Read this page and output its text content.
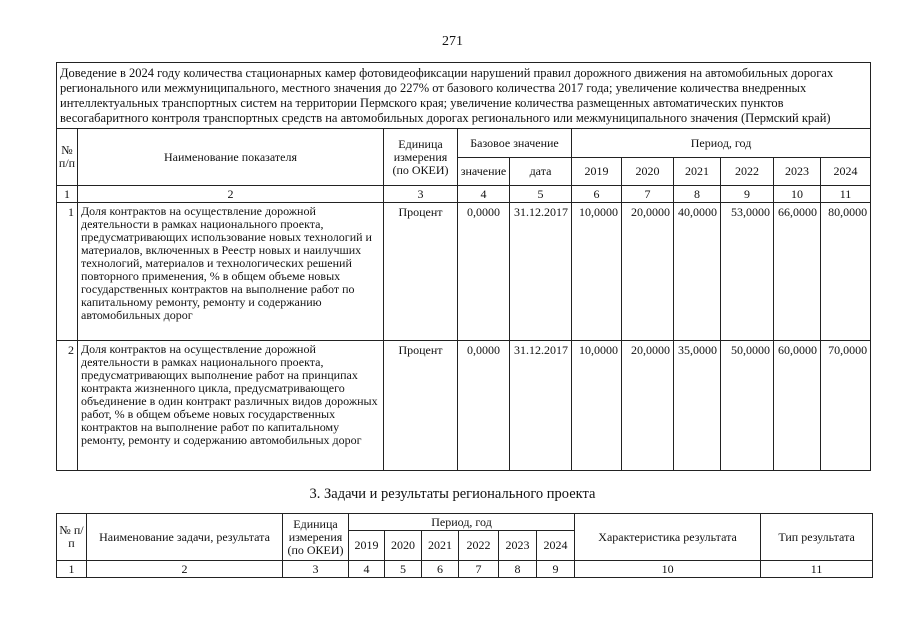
271
Доведение в 2024 году количества стационарных камер фотовидеофиксации нарушений правил дорожного движения на автомобильных дорогах регионального или межмуниципального, местного значения до 227% от базового количества 2017 года; увеличение количества внедренных интеллектуальных транспортных систем на территории Пермского края; увеличение количества размещенных автоматических пунктов весогабаритного контроля транспортных средств на автомобильных дорогах регионального или межмуниципального значения (Пермский край)										
№ п/п	Наименование показателя	Единица измерения (по ОКЕИ)	Базовое значение		Период, год					
			значение	дата	2019	2020	2021	2022	2023	2024
1	2	3	4	5	6	7	8	9	10	11
1	Доля контрактов на осуществление дорожной деятельности в рамках национального проекта, предусматривающих использование новых технологий и материалов, включенных в Реестр новых и наилучших технологий, материалов и технологических решений повторного применения, % в общем объеме новых государственных контрактов на выполнение работ по капитальному ремонту, ремонту и содержанию автомобильных дорог	Процент	0,0000	31.12.2017	10,0000	20,0000	40,0000	53,0000	66,0000	80,0000
2	Доля контрактов на осуществление дорожной деятельности в рамках национального проекта, предусматривающих выполнение работ на принципах контракта жизненного цикла, предусматривающего объединение в один контракт различных видов дорожных работ, % в общем объеме новых государственных контрактов на выполнение работ по капитальному ремонту, ремонту и содержанию автомобильных дорог	Процент	0,0000	31.12.2017	10,0000	20,0000	35,0000	50,0000	60,0000	70,0000
3. Задачи и результаты регионального проекта
№ п/п	Наименование задачи, результата	Единица измерения (по ОКЕИ)	Период, год						Характеристика результата	Тип результата
			2019	2020	2021	2022	2023	2024		
1	2	3	4	5	6	7	8	9	10	11
